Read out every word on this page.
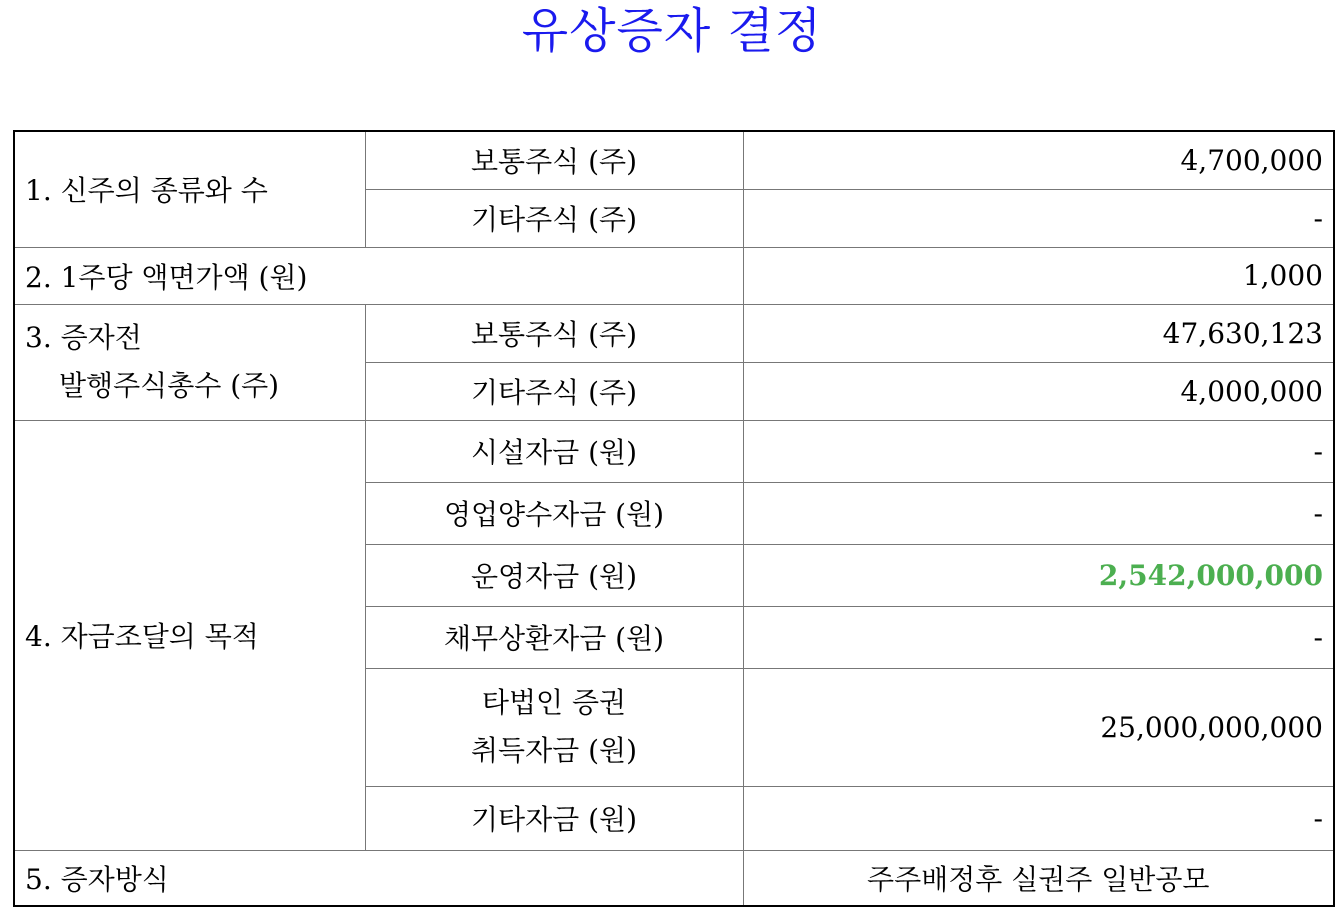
유상증자 결정
1. 신주의 종류와 수	보통주식 (주)	4,700,000
	기타주식 (주)	-
2. 1주당 액면가액 (원)		1,000
3. 증자전
발행주식총수 (주)	보통주식 (주)	47,630,123
	기타주식 (주)	4,000,000
4. 자금조달의 목적	시설자금 (원)	-
	영업양수자금 (원)	-
	운영자금 (원)	2,542,000,000
	채무상환자금 (원)	-
	타법인 증권
취득자금 (원)	25,000,000,000
	기타자금 (원)	-
5. 증자방식		주주배정후 실권주 일반공모
